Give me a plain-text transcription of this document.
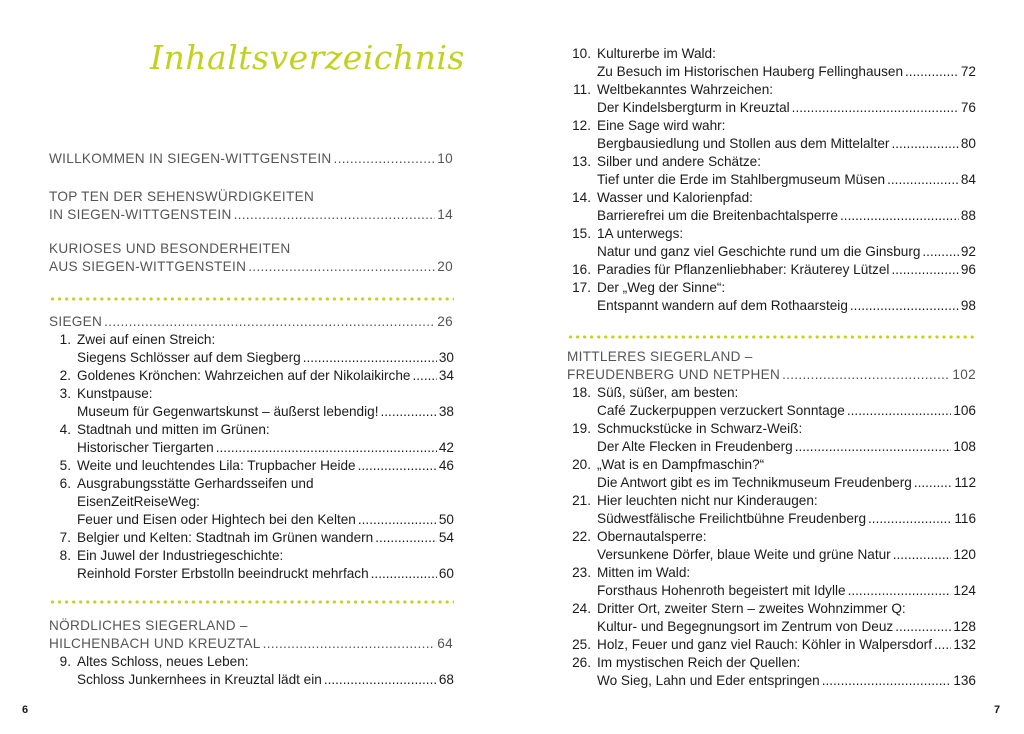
Inhaltsverzeichnis
WILLKOMMEN IN SIEGEN-WITTGENSTEIN .....	10
TOP TEN DER SEHENSWÜRDIGKEITEN
IN SIEGEN-WITTGENSTEIN .....	14
KURIOSES UND BESONDERHEITEN
AUS SIEGEN-WITTGENSTEIN .....	20
SIEGEN .....	26
1. Zwei auf einen Streich:
Siegens Schlösser auf dem Siegberg .....	30
2. Goldenes Krönchen: Wahrzeichen auf der Nikolaikirche ..... 34
3. Kunstpause:
Museum für Gegenwartskunst – äußerst lebendig! .....	38
4. Stadtnah und mitten im Grünen:
Historischer Tiergarten .....	42
5. Weite und leuchtendes Lila: Trupbacher Heide .....	46
6. Ausgrabungsstätte Gerhardsseifen und
EisenZeitReiseWeg:
Feuer und Eisen oder Hightech bei den Kelten .....	50
7. Belgier und Kelten: Stadtnah im Grünen wandern .....	54
8. Ein Juwel der Industriegeschichte:
Reinhold Forster Erbstolln beeindruckt mehrfach .....	60
NÖRDLICHES SIEGERLAND –
HILCHENBACH UND KREUZTAL .....	64
9. Altes Schloss, neues Leben:
Schloss Junkernhees in Kreuztal lädt ein .....	68
6
10. Kulturerbe im Wald:
Zu Besuch im Historischen Hauberg Fellinghausen .....	72
11. Weltbekanntes Wahrzeichen:
Der Kindelsbergturm in Kreuztal .....	76
12. Eine Sage wird wahr:
Bergbausiedlung und Stollen aus dem Mittelalter .....	80
13. Silber und andere Schätze:
Tief unter die Erde im Stahlbergmuseum Müsen .....	84
14. Wasser und Kalorienpfad:
Barrierefrei um die Breitenbachtalsperre .....	88
15. 1A unterwegs:
Natur und ganz viel Geschichte rund um die Ginsburg .....	92
16. Paradies für Pflanzenliebhaber: Kräuterey Lützel .....	96
17. Der „Weg der Sinne“:
Entspannt wandern auf dem Rothaarsteig .....	98
MITTLERES SIEGERLAND –
FREUDENBERG UND NETPHEN .....	102
18. Süß, süßer, am besten:
Café Zuckerpuppen verzuckert Sonntage .....	106
19. Schmuckstücke in Schwarz-Weiß:
Der Alte Flecken in Freudenberg .....	108
20. „Wat is en Dampfmaschin?“
Die Antwort gibt es im Technikmuseum Freudenberg .....	112
21. Hier leuchten nicht nur Kinderaugen:
Südwestfälische Freilichtbühne Freudenberg .....	116
22. Obernautalsperre:
Versunkene Dörfer, blaue Weite und grüne Natur .....	120
23. Mitten im Wald:
Forsthaus Hohenroth begeistert mit Idylle .....	124
24. Dritter Ort, zweiter Stern – zweites Wohnzimmer Q:
Kultur- und Begegnungsort im Zentrum von Deuz .....	128
25. Holz, Feuer und ganz viel Rauch: Köhler in Walpersdorf ..... 132
26. Im mystischen Reich der Quellen:
Wo Sieg, Lahn und Eder entspringen .....	136
7
